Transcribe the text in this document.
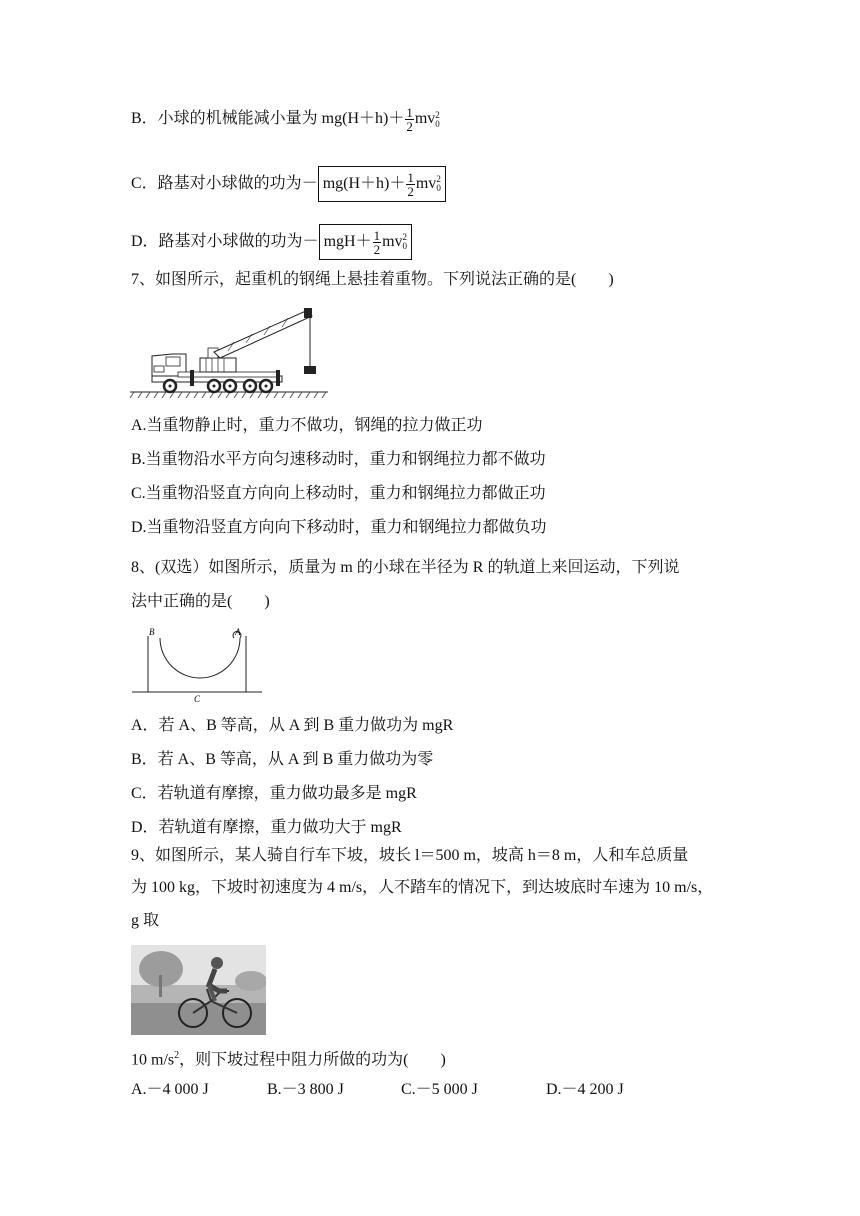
B．小球的机械能减小量为 $mg(H+h)+ \frac{1}{2}$ mv 2
0
C．路基对小球做的功为－ $mg(H+h)+ \frac{1}{2}$ mv 2
0
D．路基对小球做的功为－ $mgH+ \frac{1}{2}$ mv 2
0
7、如图所示，起重机的钢绳上悬挂着重物。下列说法正确的是(　　)
A.当重物静止时，重力不做功，钢绳的拉力做正功
B.当重物沿水平方向匀速移动时，重力和钢绳拉力都不做功
C.当重物沿竖直方向向上移动时，重力和钢绳拉力都做正功
D.当重物沿竖直方向向下移动时，重力和钢绳拉力都做负功
8、(双选）如图所示，质量为 m 的小球在半径为 R 的轨道上来回运动，下列说
法中正确的是(　　)
B	A
C
A．若 A、B 等高，从 A 到 B 重力做功为 mgR
B．若 A、B 等高，从 A 到 B 重力做功为零
C．若轨道有摩擦，重力做功最多是 mgR
D．若轨道有摩擦，重力做功大于 mgR
9、如图所示，某人骑自行车下坡，坡长 l＝500 m，坡高 h＝8 m，人和车总质量
为 100 kg，下坡时初速度为 4 m/s，人不踏车的情况下，到达坡底时车速为 10 m/s，
g 取
10 $m/s^2$，则下坡过程中阻力所做的功为(　　)
A.－4 000 J	B.－3 800 J	C.－5 000 J	D.－4 200 J
